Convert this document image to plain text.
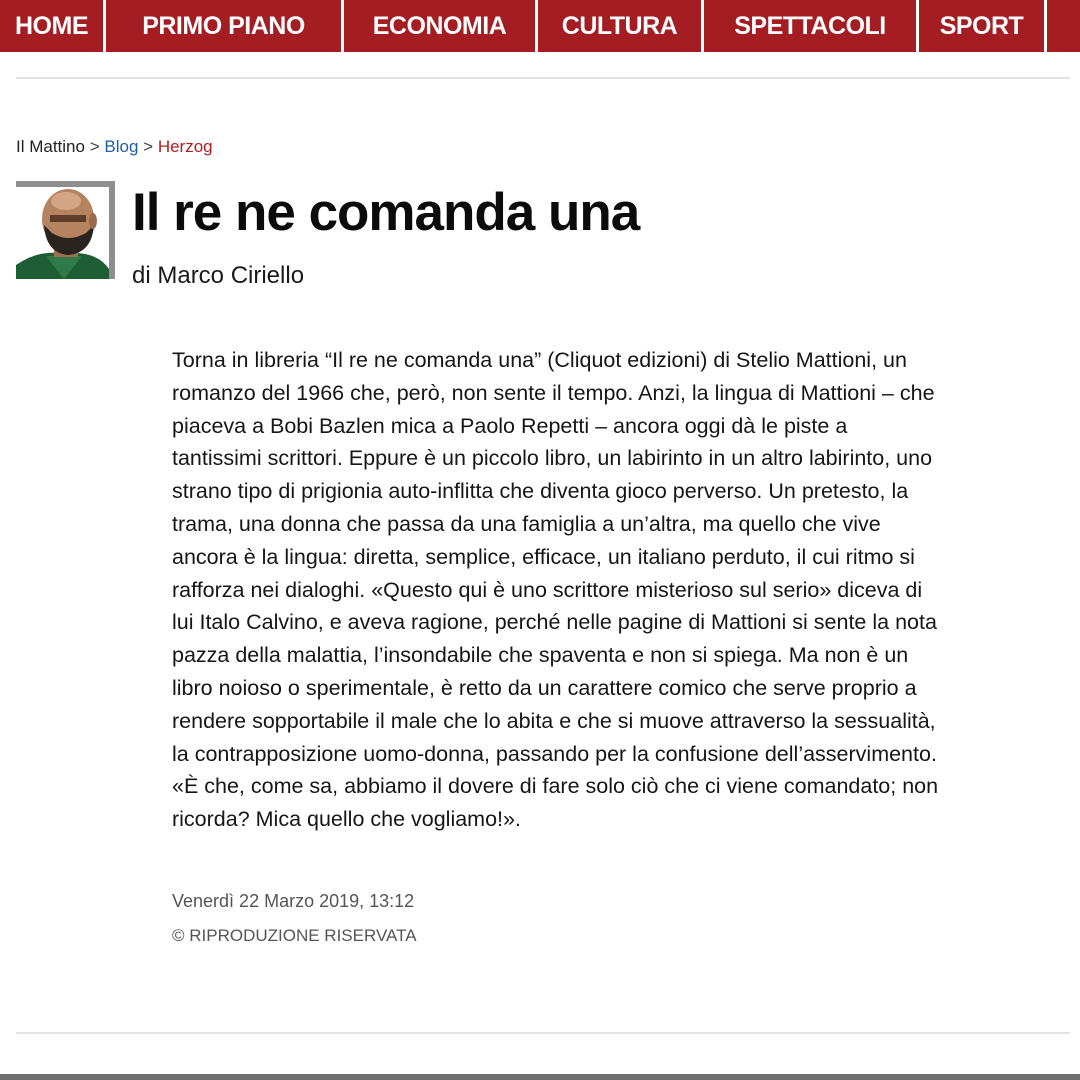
HOME	PRIMO PIANO	ECONOMIA	CULTURA	SPETTACOLI	SPORT
Il Mattino > Blog > Herzog
Il re ne comanda una
di Marco Ciriello
Torna in libreria “Il re ne comanda una” (Cliquot edizioni) di Stelio Mattioni, un
romanzo del 1966 che, però, non sente il tempo. Anzi, la lingua di Mattioni – che
piaceva a Bobi Bazlen mica a Paolo Repetti – ancora oggi dà le piste a
tantissimi scrittori. Eppure è un piccolo libro, un labirinto in un altro labirinto, uno
strano tipo di prigionia auto-inflitta che diventa gioco perverso. Un pretesto, la
trama, una donna che passa da una famiglia a un’altra, ma quello che vive
ancora è la lingua: diretta, semplice, efficace, un italiano perduto, il cui ritmo si
rafforza nei dialoghi. «Questo qui è uno scrittore misterioso sul serio» diceva di
lui Italo Calvino, e aveva ragione, perché nelle pagine di Mattioni si sente la nota
pazza della malattia, l’insondabile che spaventa e non si spiega. Ma non è un
libro noioso o sperimentale, è retto da un carattere comico che serve proprio a
rendere sopportabile il male che lo abita e che si muove attraverso la sessualità,
la contrapposizione uomo-donna, passando per la confusione dell’asservimento.
«È che, come sa, abbiamo il dovere di fare solo ciò che ci viene comandato; non
ricorda? Mica quello che vogliamo!».
Venerdì 22 Marzo 2019, 13:12
© RIPRODUZIONE RISERVATA
